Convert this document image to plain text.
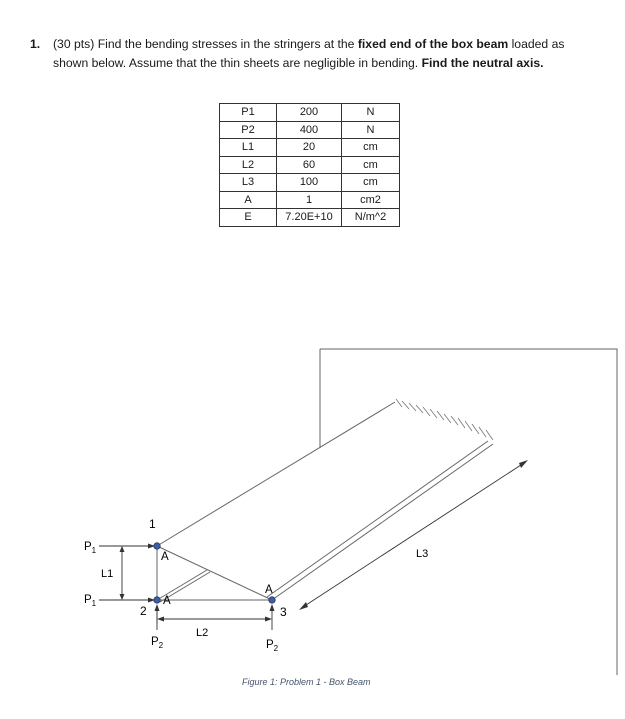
1. (30 pts) Find the bending stresses in the stringers at the fixed end of the box beam loaded as shown below. Assume that the thin sheets are negligible in bending. Find the neutral axis.
P1	200	N
P2	400	N
L1	20	cm
L2	60	cm
L3	100	cm
A	1	cm2
E	7.20E+10	N/m^2
1
2	3
A
A
A
L1
$P_1$
$P_1$
$P_2$	$P_2$
L2
L3
Figure 1: Problem 1 - Box Beam
